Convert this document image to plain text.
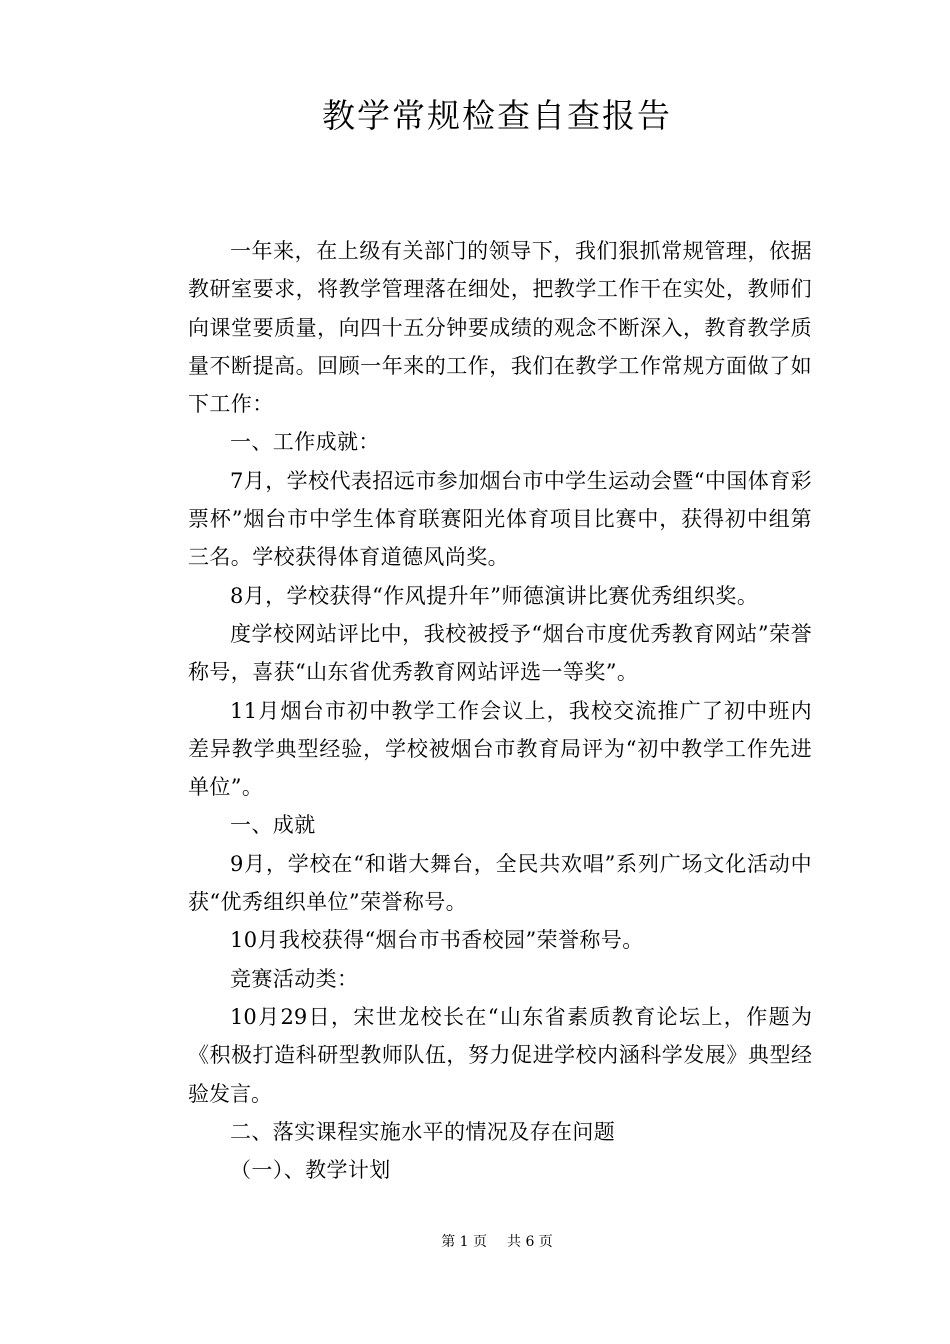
教学常规检查自查报告

一年来，在上级有关部门的领导下，我们狠抓常规管理，依据教研室要求，将教学管理落在细处，把教学工作干在实处，教师们向课堂要质量，向四十五分钟要成绩的观念不断深入，教育教学质量不断提高。回顾一年来的工作，我们在教学工作常规方面做了如下工作：

一、工作成就：

7月，学校代表招远市参加烟台市中学生运动会暨“中国体育彩票杯”烟台市中学生体育联赛阳光体育项目比赛中，获得初中组第三名。学校获得体育道德风尚奖。

8月，学校获得“作风提升年”师德演讲比赛优秀组织奖。

度学校网站评比中，我校被授予“烟台市度优秀教育网站”荣誉称号，喜获“山东省优秀教育网站评选一等奖”。

11月烟台市初中教学工作会议上，我校交流推广了初中班内差异教学典型经验，学校被烟台市教育局评为“初中教学工作先进单位”。

一、成就

9月，学校在“和谐大舞台，全民共欢唱”系列广场文化活动中获“优秀组织单位”荣誉称号。

10月我校获得“烟台市书香校园”荣誉称号。

竞赛活动类：

10月29日，宋世龙校长在“山东省素质教育论坛上，作题为《积极打造科研型教师队伍，努力促进学校内涵科学发展》典型经验发言。

二、落实课程实施水平的情况及存在问题

（一）、教学计划

第 1 页 共 6 页
